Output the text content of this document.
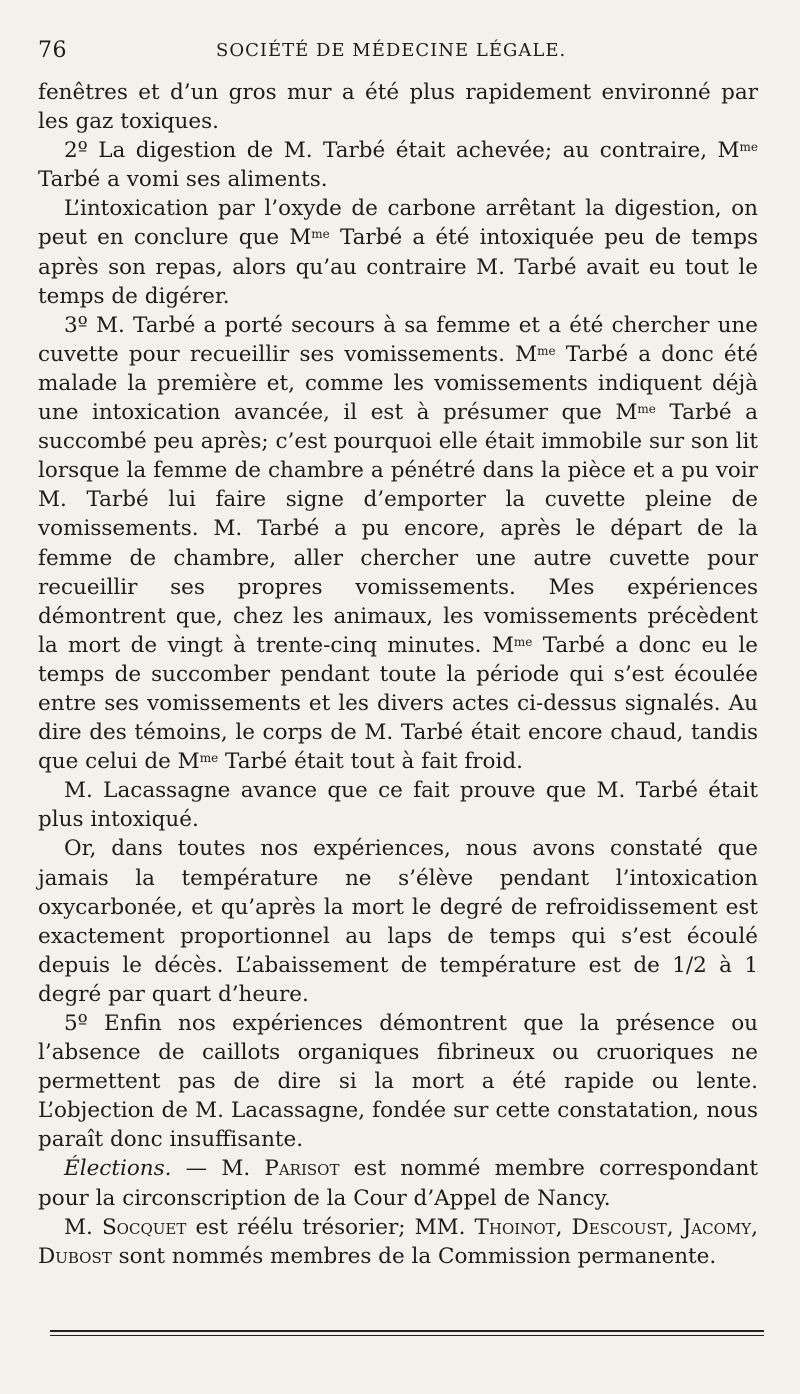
76	SOCIÉTÉ DE MÉDECINE LÉGALE.

fenêtres et d’un gros mur a été plus rapidement environné par les gaz toxiques.

2º La digestion de M. Tarbé était achevée; au contraire, $M^{me}$ Tarbé a vomi ses aliments.

L’intoxication par l’oxyde de carbone arrêtant la digestion, on peut en conclure que $M^{me}$ Tarbé a été intoxiquée peu de temps après son repas, alors qu’au contraire M. Tarbé avait eu tout le temps de digérer.

3º M. Tarbé a porté secours à sa femme et a été chercher une cuvette pour recueillir ses vomissements. $M^{me}$ Tarbé a donc été malade la première et, comme les vomissements indiquent déjà une intoxication avancée, il est à présumer que $M^{me}$ Tarbé a succombé peu après; c’est pourquoi elle était immobile sur son lit lorsque la femme de chambre a pénétré dans la pièce et a pu voir M. Tarbé lui faire signe d’emporter la cuvette pleine de vomissements. M. Tarbé a pu encore, après le départ de la femme de chambre, aller chercher une autre cuvette pour recueillir ses propres vomissements. Mes expériences démontrent que, chez les animaux, les vomissements précèdent la mort de vingt à trente-cinq minutes. $M^{me}$ Tarbé a donc eu le temps de succomber pendant toute la période qui s’est écoulée entre ses vomissements et les divers actes ci-dessus signalés. Au dire des témoins, le corps de M. Tarbé était encore chaud, tandis que celui de $M^{me}$ Tarbé était tout à fait froid.

M. Lacassagne avance que ce fait prouve que M. Tarbé était plus intoxiqué.

Or, dans toutes nos expériences, nous avons constaté que jamais la température ne s’élève pendant l’intoxication oxycarbonée, et qu’après la mort le degré de refroidissement est exactement proportionnel au laps de temps qui s’est écoulé depuis le décès. L’abaissement de température est de 1/2 à 1 degré par quart d’heure.

5º Enfin nos expériences démontrent que la présence ou l’absence de caillots organiques fibrineux ou cruoriques ne permettent pas de dire si la mort a été rapide ou lente. L’objection de M. Lacassagne, fondée sur cette constatation, nous paraît donc insuffisante.

Élections. — M. Parisot est nommé membre correspondant pour la circonscription de la Cour d’Appel de Nancy.

M. Socquet est réélu trésorier; MM. Thoinot, Descoust, Jacomy, Dubost sont nommés membres de la Commission permanente.
